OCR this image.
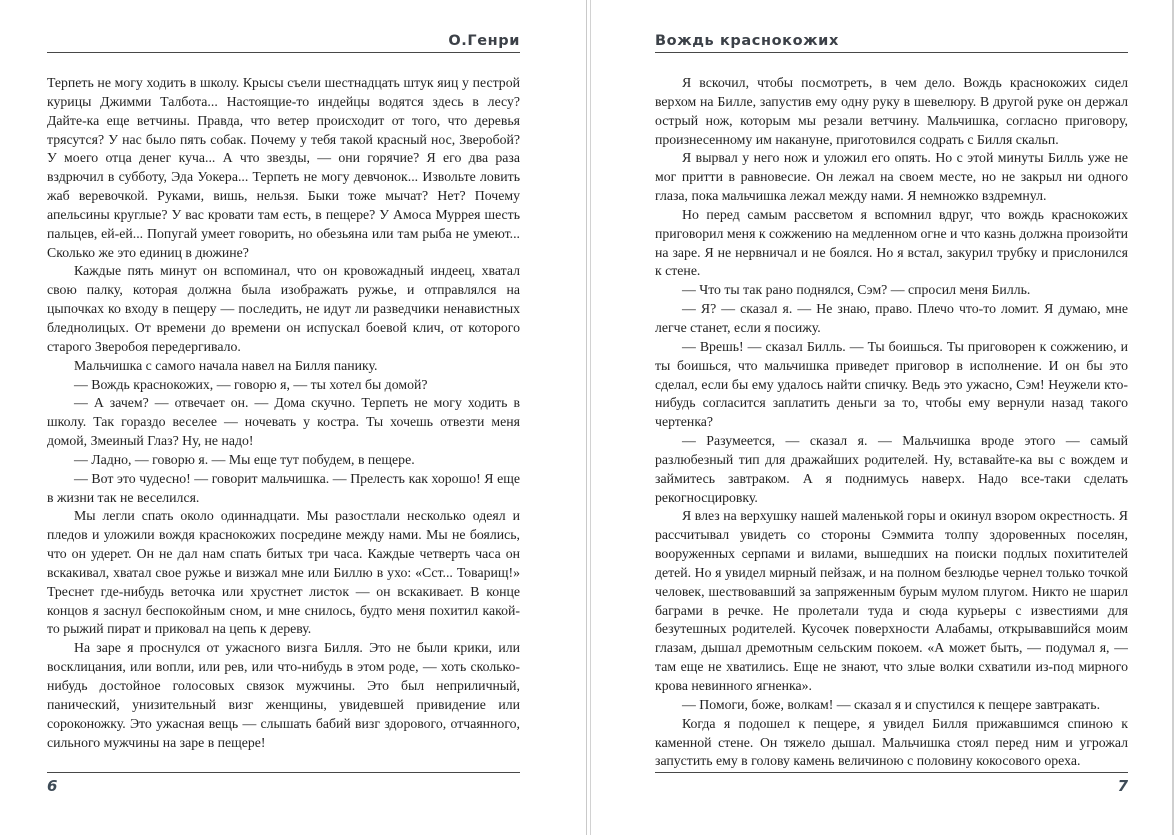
О.Генри

Терпеть не могу ходить в школу. Крысы съели шестнадцать штук яиц у пестрой курицы Джимми Талбота... Настоящие-то индейцы водятся здесь в лесу? Дайте-ка еще ветчины. Правда, что ветер происходит от того, что деревья трясутся? У нас было пять собак. Почему у тебя такой красный нос, Зверобой? У моего отца денег куча... А что звезды, — они горячие? Я его два раза вздрючил в субботу, Эда Уокера... Терпеть не могу девчонок... Извольте ловить жаб веревочкой. Руками, вишь, нельзя. Быки тоже мычат? Нет? Почему апельсины круглые? У вас кровати там есть, в пещере? У Амоса Муррея шесть пальцев, ей-ей... Попугай умеет говорить, но обезьяна или там рыба не умеют... Сколько же это единиц в дюжине?

Каждые пять минут он вспоминал, что он кровожадный индеец, хватал свою палку, которая должна была изображать ружье, и отправлялся на цыпочках ко входу в пещеру — последить, не идут ли разведчики ненавистных бледнолицых. От времени до времени он испускал боевой клич, от которого старого Зверобоя передергивало.

Мальчишка с самого начала навел на Билля панику.

— Вождь краснокожих, — говорю я, — ты хотел бы домой?

— А зачем? — отвечает он. — Дома скучно. Терпеть не могу ходить в школу. Так гораздо веселее — ночевать у костра. Ты хочешь отвезти меня домой, Змеиный Глаз? Ну, не надо!

— Ладно, — говорю я. — Мы еще тут побудем, в пещере.

— Вот это чудесно! — говорит мальчишка. — Прелесть как хорошо! Я еще в жизни так не веселился.

Мы легли спать около одиннадцати. Мы разостлали несколько одеял и пледов и уложили вождя краснокожих посредине между нами. Мы не боялись, что он удерет. Он не дал нам спать битых три часа. Каждые четверть часа он вскакивал, хватал свое ружье и визжал мне или Биллю в ухо: «Сст... Товарищ!» Треснет где-нибудь веточка или хрустнет листок — он вскакивает. В конце концов я заснул беспокойным сном, и мне снилось, будто меня похитил какой-то рыжий пират и приковал на цепь к дереву.

На заре я проснулся от ужасного визга Билля. Это не были крики, или восклицания, или вопли, или рев, или что-нибудь в этом роде, — хоть сколько-нибудь достойное голосовых связок мужчины. Это был неприличный, панический, унизительный визг женщины, увидевшей привидение или сороконожку. Это ужасная вещь — слышать бабий визг здорового, отчаянного, сильного мужчины на заре в пещере!

6
Вождь краснокожих

Я вскочил, чтобы посмотреть, в чем дело. Вождь краснокожих сидел верхом на Билле, запустив ему одну руку в шевелюру. В другой руке он держал острый нож, которым мы резали ветчину. Мальчишка, согласно приговору, произнесенному им накануне, приготовился содрать с Билля скальп.

Я вырвал у него нож и уложил его опять. Но с этой минуты Билль уже не мог притти в равновесие. Он лежал на своем месте, но не закрыл ни одного глаза, пока мальчишка лежал между нами. Я немножко вздремнул.

Но перед самым рассветом я вспомнил вдруг, что вождь краснокожих приговорил меня к сожжению на медленном огне и что казнь должна произойти на заре. Я не нервничал и не боялся. Но я встал, закурил трубку и прислонился к стене.

— Что ты так рано поднялся, Сэм? — спросил меня Билль.

— Я? — сказал я. — Не знаю, право. Плечо что-то ломит. Я думаю, мне легче станет, если я посижу.

— Врешь! — сказал Билль. — Ты боишься. Ты приговорен к сожжению, и ты боишься, что мальчишка приведет приговор в исполнение. И он бы это сделал, если бы ему удалось найти спичку. Ведь это ужасно, Сэм! Неужели кто-нибудь согласится заплатить деньги за то, чтобы ему вернули назад такого чертенка?

— Разумеется, — сказал я. — Мальчишка вроде этого — самый разлюбезный тип для дражайших родителей. Ну, вставайте-ка вы с вождем и займитесь завтраком. А я поднимусь наверх. Надо все-таки сделать рекогносцировку.

Я влез на верхушку нашей маленькой горы и окинул взором окрестность. Я рассчитывал увидеть со стороны Сэммита толпу здоровенных поселян, вооруженных серпами и вилами, вышедших на поиски подлых похитителей детей. Но я увидел мирный пейзаж, и на полном безлюдье чернел только точкой человек, шествовавший за запряженным бурым мулом плугом. Никто не шарил баграми в речке. Не пролетали туда и сюда курьеры с известиями для безутешных родителей. Кусочек поверхности Алабамы, открывавшийся моим глазам, дышал дремотным сельским покоем. «А может быть, — подумал я, — там еще не хватились. Еще не знают, что злые волки схватили из-под мирного крова невинного ягненка».

— Помоги, боже, волкам! — сказал я и спустился к пещере завтракать.

Когда я подошел к пещере, я увидел Билля прижавшимся спиною к каменной стене. Он тяжело дышал. Мальчишка стоял перед ним и угрожал запустить ему в голову камень величиною с половину кокосового ореха.

7
